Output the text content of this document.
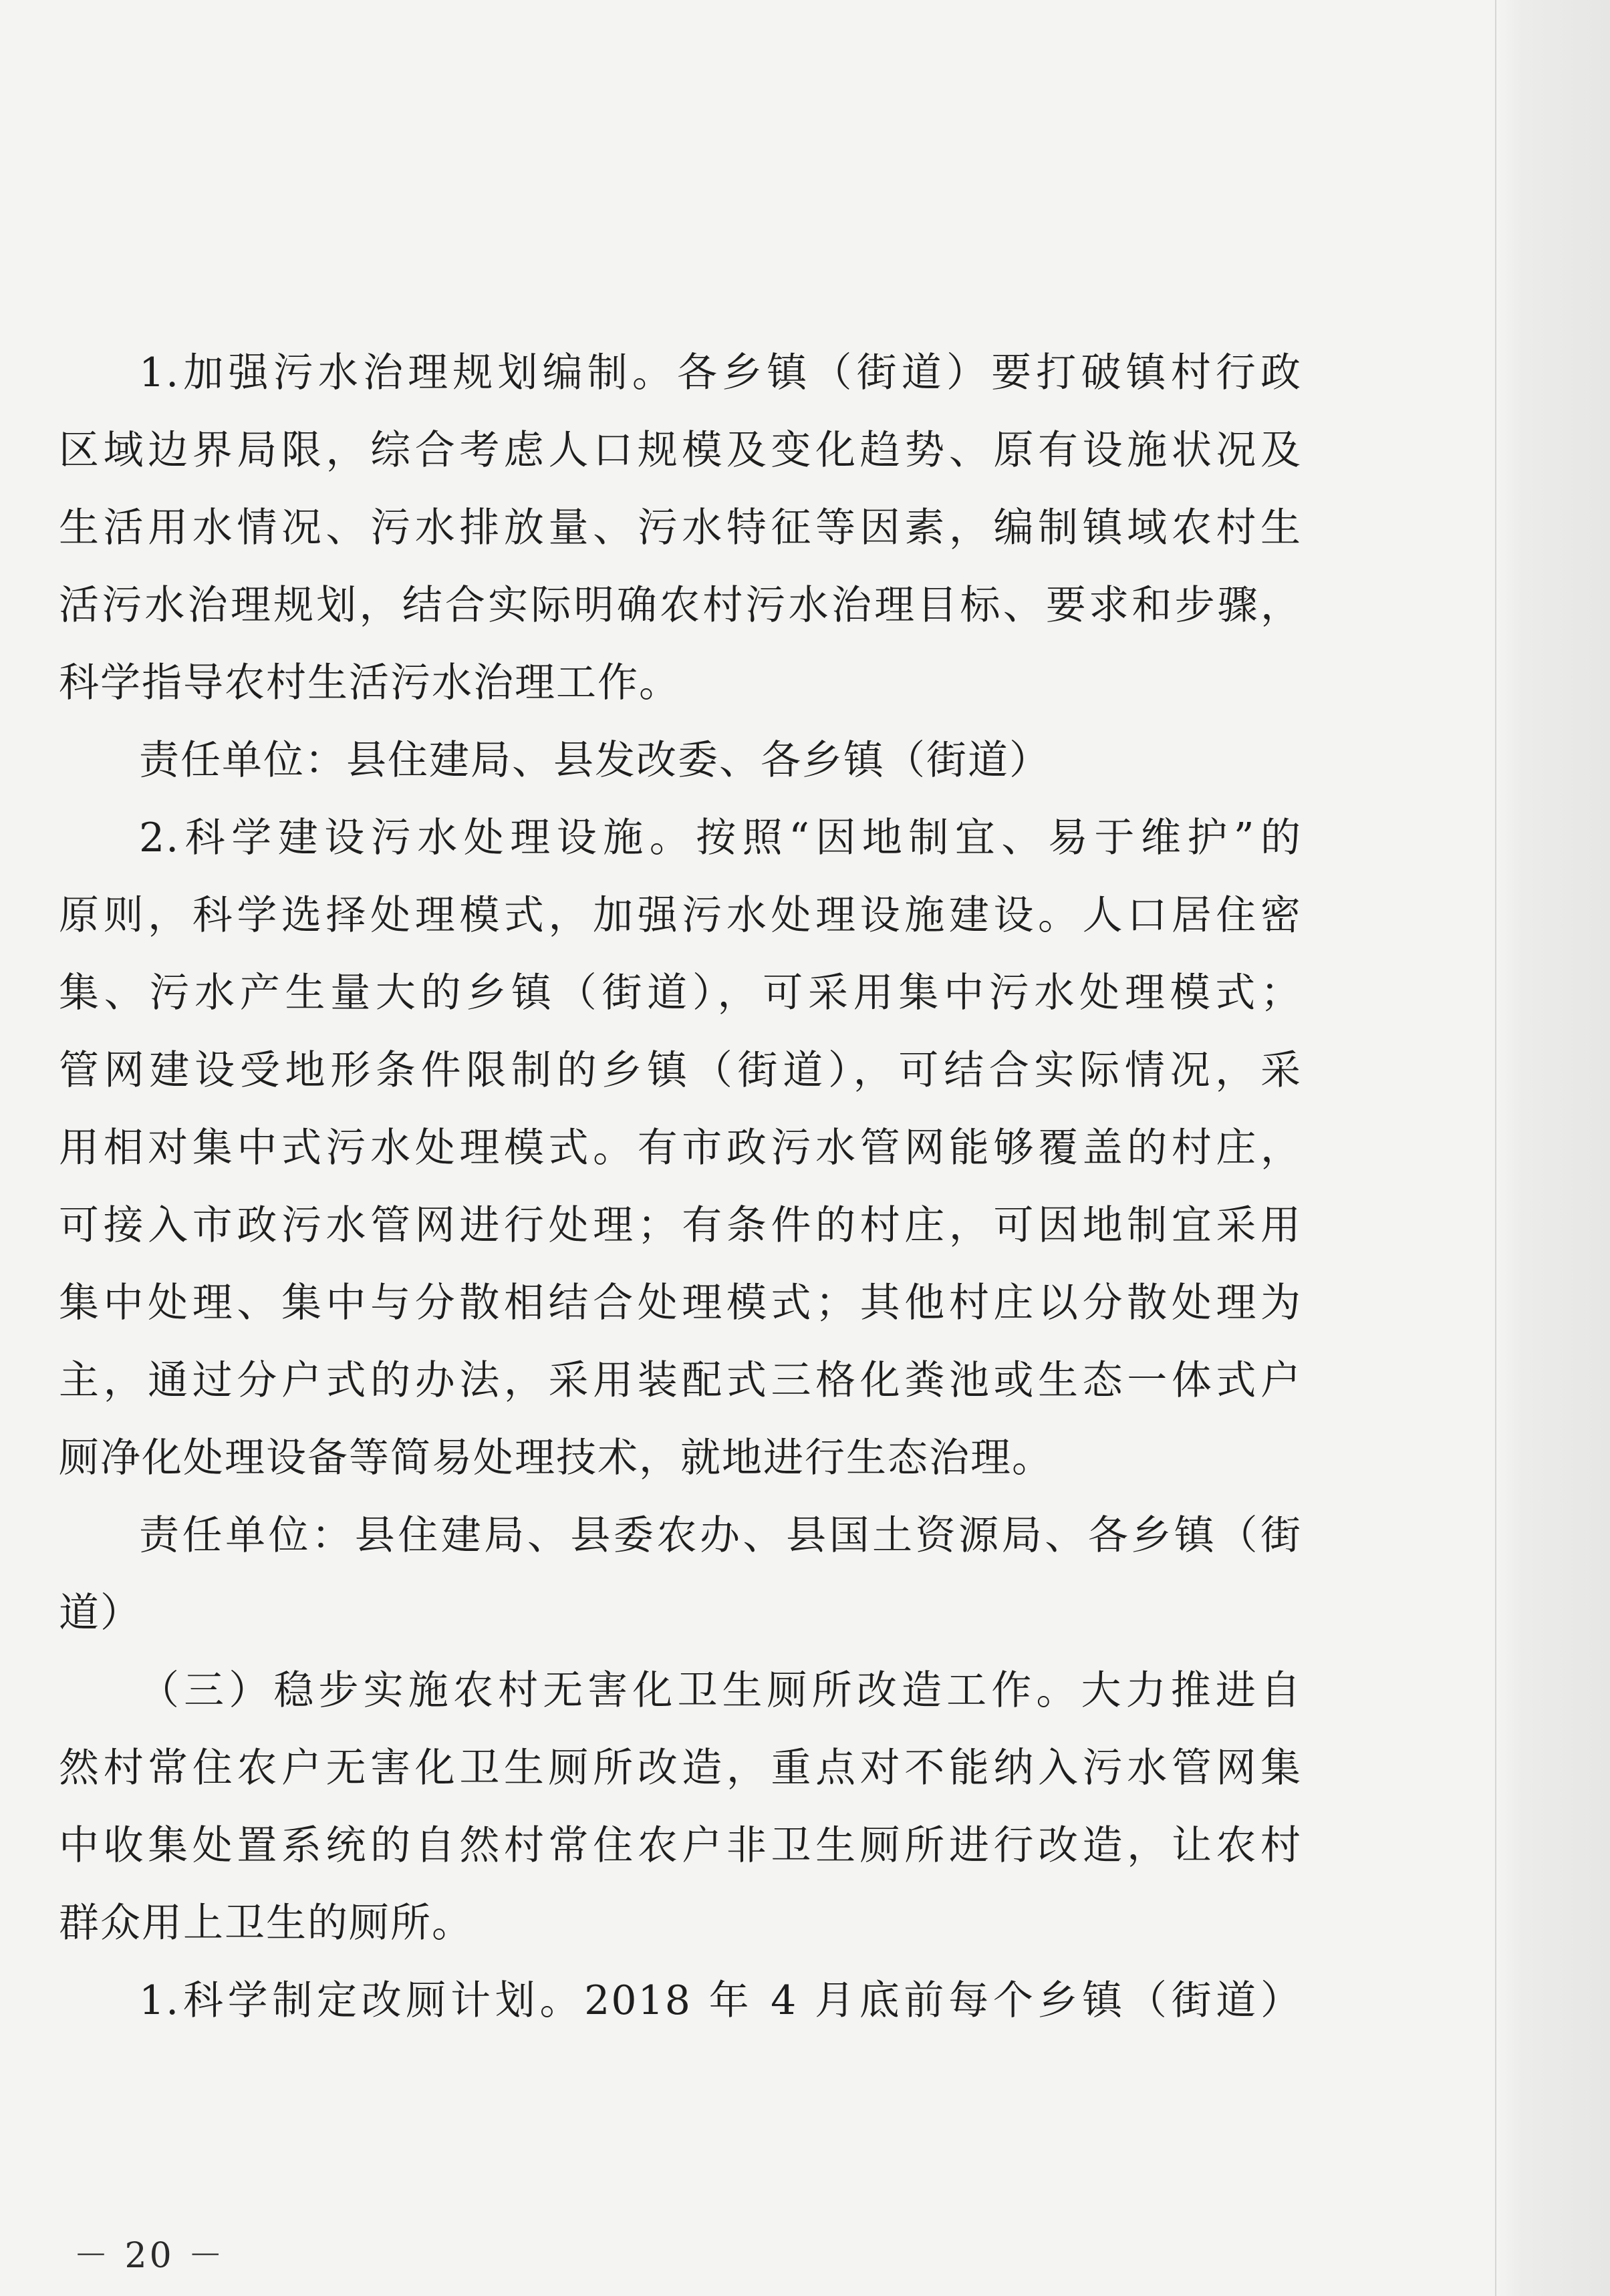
1.加强污水治理规划编制。各乡镇（街道）要打破镇村行政
区域边界局限，综合考虑人口规模及变化趋势、原有设施状况及
生活用水情况、污水排放量、污水特征等因素，编制镇域农村生
活污水治理规划，结合实际明确农村污水治理目标、要求和步骤，
科学指导农村生活污水治理工作。
责任单位：县住建局、县发改委、各乡镇（街道）
2.科学建设污水处理设施。按照“因地制宜、易于维护”的
原则，科学选择处理模式，加强污水处理设施建设。人口居住密
集、污水产生量大的乡镇（街道），可采用集中污水处理模式；
管网建设受地形条件限制的乡镇（街道），可结合实际情况，采
用相对集中式污水处理模式。有市政污水管网能够覆盖的村庄，
可接入市政污水管网进行处理；有条件的村庄，可因地制宜采用
集中处理、集中与分散相结合处理模式；其他村庄以分散处理为
主，通过分户式的办法，采用装配式三格化粪池或生态一体式户
厕净化处理设备等简易处理技术，就地进行生态治理。
责任单位：县住建局、县委农办、县国土资源局、各乡镇（街
道）
（三）稳步实施农村无害化卫生厕所改造工作。大力推进自
然村常住农户无害化卫生厕所改造，重点对不能纳入污水管网集
中收集处置系统的自然村常住农户非卫生厕所进行改造，让农村
群众用上卫生的厕所。
1.科学制定改厕计划。2018 年 4 月底前每个乡镇（街道）
－ 20 －
